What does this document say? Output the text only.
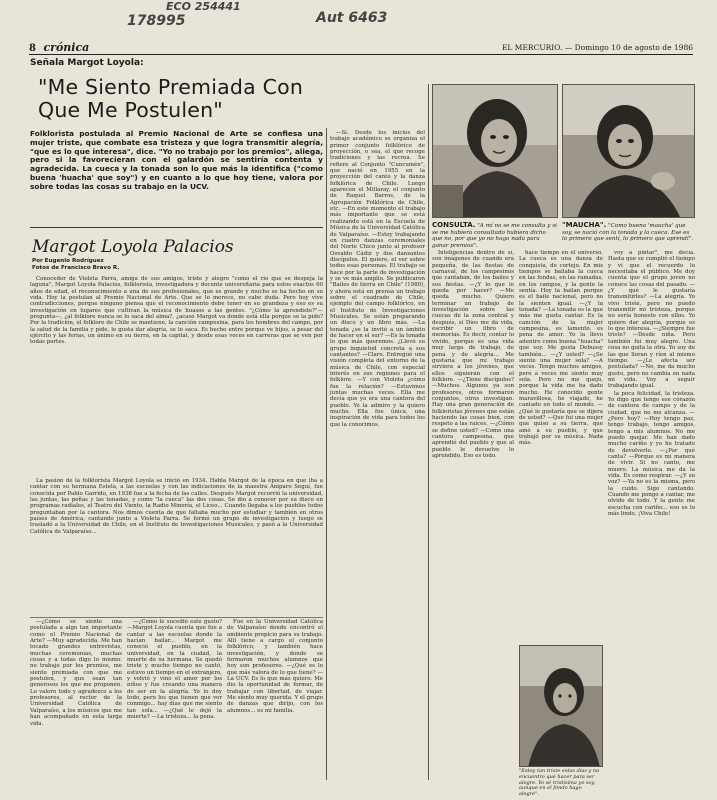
ECO 254441
178995	Aut 6463
8 crónica	EL MERCURIO. — Domingo 10 de agosto de 1986
Señala Margot Loyola:
"Me Siento Premiada Con Que Me Postulen"
Folklorista postulada al Premio Nacional de Arte se confiesa una mujer triste, que combate esa tristeza y que logra transmitir alegría, "que es lo que interesa", dice. "Yo no trabajo por los premios", aliega, pero si la favorecieran con el galardón se sentiría contenta y agradecida. La cueca y la tonada son lo que más la identifica ("como buena 'huacha' que soy") y en cuanto a lo que hoy tiene, valora por sobre todas las cosas su trabajo en la UCV.
Margot Loyola Palacios
Por Eugenio Rodríguez
Fotos de Francisco Bravo R.

Conocedor de Violeta Parra, amiga de sus amigos, triste y alegre "como el río que se despeja la laguna", Margot Loyola Palacios, folklorista, investigadora y docente universitaria para estos exactos 60 años de edad, el reconocimiento a una de sus profesionales, que es grande y mucho se ha hecho en su vida. Hoy la postulan al Premio Nacional de Arte. Que se lo merece, no cabe duda. Pero hoy vive contradicciones, porque ninguno piensa que el reconocimiento debe tener en su grandeza y eso es su investigación en lugares que cultivan la música de huasos a las gentes. "¿Cómo la aprendiste?"—pregunta—, ¿al folklore nunca se lo saca del alma?, ¿acaso Margot va donde está ella porque se la pide? Por la tradición, el folklore de Chile se mantiene, la canción campesina, para los hombres del campo, por la salud de la familia y pide, le gusta dar alegría, se lo saca. Es hecho entre porque ve hijos, a pesar del ejército y las ferias, un ánimo en su tierra, en la capital, y desde esas voces en carreras que se ven por todas partes.

La pasión de la folklorista Margot Loyola se inició en 1934. Habla Margot de la época en que iba a cantar con su hermana Estela, a las escuelas y con las indicaciones de la maestra Amparo Seguí, fue conocida por Pablo Garrido, en 1938 fue a la fecha de las calles. Después Margot recorrió la universidad, las juntas, las peñas y las tonadas, y como "la cueca" las dos cosas. Se dio a conocer por su disco en programas radiales, el Teatro del Viento, la Radio Minería, el Liceo... Cuando llegaba a los pueblos todos preguntaban por la cantora. Nos dimos cuenta de que faltaba mucho por estudiar y también en otros países de América, cantando junto a Violeta Parra. Se formó un grupo de investigación y luego se trasladó a la Universidad de Chile, en el Instituto de Investigaciones Musicales, y pasó a la Universidad Católica de Valparaíso...

—¿Cómo se siente una postulada a algo tan importante como el Premio Nacional de Arte? —Muy agradecida. Me han tocado grandes entrevistas, muchas ceremonias, muchas cosas y a todas digo lo mismo: no trabajo por los premios, me siento premiada con que me postulen, y que sean tan generosos los que me proponen. Lo valoro todo y agradezco a los profesores, al rector de la Universidad Católica de Valparaíso, a los músicos que me han acompañado en esta larga vida.

—¿Cómo le sucedió este gusto?—Margot Loyola cuenta que fue a cantar a las escuelas donde la hacían bailar... Margot me conoció el pueblo, en la universidad, en la ciudad, la muerte de su hermana. Se quedó triste y mucho tiempo no cantó, estuvo un tiempo en el extranjero, y volvió y vino el amor por los niños y fue creando una manera de ser en la alegría. Yo lo doy todo, pero los que tienen que ver conmigo... hay días que me siento tan sola... —¿Qué le dejó la muerte? —La tristeza... la pena.

Fue en la Universidad Católica de Valparaíso donde encontró el ambiente propicio para su trabajo. Allí tiene a cargo el conjunto folklórico, y también hace investigación, y donde se formaron muchos alumnos que hoy son profesores. —¿Qué es lo que más valora de lo que tiene? —La UCV. Es lo que más quiero. Me dio la oportunidad de formar, de trabajar con libertad, de viajar. Me siento muy querida. Y el grupo de danzas que dirijo, con los alumnos... es mi familia.

—Sí. Desde los inicios del trabajo académico se organiza el primer conjunto folklórico de proyección, o sea, el que recoge tradiciones y las recrea. Se refiere al Conjunto "Cuncumén", que nació en 1955 en la proyección del canto y la danza folklórica de Chile. Luego aparecen el Millaray, el conjunto de Raquel Barros, de la Agrupación Folklórica de Chile, etc. —En este momento el trabajo más importante que se está realizando está en la Escuela de Música de la Universidad Católica de Valparaíso. —Estoy trabajando en cuatro danzas ceremoniales del Norte Chico junto al profesor Osvaldo Cádiz y dos danzantes discípulos. El quiere, el ver sobre todos esas personas. El trabajo se hace por la parte de investigación y se ve más amplio. Se publicaron "Bailes de tierra en Chile" (1980), y ahora está en prensa un trabajo sobre el cuadrado de Chile, ejemplo del campo folklórico, en el Instituto de Investigaciones Musicales. Se están preparando un disco y un libro más. —La tonada ¿se la invitó a un ámbito de hacer en el sur? —Es la tonada lo que más queremos. ¿Llevó su grupo inquietud concreta a sus cantantes? —Claro. Entregué una visión completa del entorno de la música de Chile, con especial interés en sus regiones para el folklore. —Y con Violeta ¿cómo fue la relación? —Estuvimos juntas muchas veces. Ella me decía que yo era una cantora del pueblo. Yo la admiro y la quiero mucho. Ella fue única, una inspiración de vida para todos los que la conocimos.

CONSULTA. "A mí no se me consulta y si se me hubiera consultado hubiera dicho que no, por que yo no hago nada para ganar premios".
"MAUCHA". "Como buena 'maucha' que soy, se nació con la tonada y la cueca. Ese es lo primero que sentí, lo primero que aprendí".

Inteligencias dentro de sí, son imágenes de cuando era pequeña, de las fiestas de carnaval, de los campesinos que cantaban, de los bailes y sus fiestas. —¿Y lo que le queda por hacer? —Me queda mucho. Quiero terminar un trabajo de investigación sobre las cuecas de la zona central y después, si Dios me da vida, escribir un libro de memorias. Es decir, contar lo vivido, porque es una vida muy larga de trabajo, de pena y de alegría... Me gustaría que mi trabajo sirviera a los jóvenes, que ellos siguieran con el folklore. —¿Tiene discípulos? —Muchos. Algunos ya son profesores, otros formaron conjuntos, otros investigan. Hay una gran generación de folkloristas jóvenes que están haciendo las cosas bien, con respeto a las raíces. —¿Cómo se define usted? —Como una cantora campesina, que aprendió del pueblo y que al pueblo le devuelve lo aprendido. Eso es todo.

hace tiempo en el universo. La cueca es una danza de conquista, de cortejo. En mis tiempos se bailaba la cueca en las fondas, en las ramadas, en los campos, y la gente la sentía. Hoy la bailan porque es el baile nacional, pero no la sienten igual. —¿Y la tonada? —La tonada es la que más me gusta cantar. Es la canción de la mujer campesina, es lamento, es pena de amor. Yo la llevo adentro como buena "huacha" que soy. Me gusta Debussy también... —¿Y usted? —¿Se siente una mujer sola? —A veces. Tengo muchos amigos, pero a veces me siento muy sola. Pero no me quejo, porque la vida me ha dado mucho. He conocido gente maravillosa, he viajado, he cantado en todo el mundo. —¿Qué le gustaría que se dijera de usted? —Que fui una mujer que quiso a su tierra, que amó a su pueblo, y que trabajó por su música. Nada más.

voy a pintar", me decía. Hasta que se cumplió el tiempo y vi que el recuerdo lo necesitaba el público. Me doy cuenta que el grupo joven no conoce las cosas del pasado. —¿Y qué le gustaría transmitirles? —La alegría. Yo vivo triste, pero no puedo transmitir mi tristeza, porque no sería honesto con ellos. Yo quiero dar alegría, porque es lo que interesa. —¿Siempre fue triste? —Desde niña. Pero también fui muy alegre. Una cosa no quita la otra. Yo soy de las que lloran y ríen al mismo tiempo. —¿Le afecta ser postulada? —No, me da mucho gusto, pero no cambia en nada mi vida. Voy a seguir trabajando igual.

la poca felicidad, la tristeza. Yo digo que tengo ese corazón de cantora de campo y de la ciudad, que no me alcanza. —¿Pero hoy? —Hoy tengo paz, tengo trabajo, tengo amigos, tengo a mis alumnos. No me puedo quejar. Me han dado mucho cariño y yo he tratado de devolverlo. —¿Por qué canta? —Porque es mi manera de vivir. Si no canto, me muero. La música me da la vida. Es como respirar. —¿Y su voz? —Ya no es la misma, pero la cuido. Sigo cantando. Cuando me pongo a cantar, me olvido de todo. Y la gente me escucha con cariño... eso es lo más lindo. ¡Viva Chile!

"Estoy tan triste estos días y no encuentro qué hacer para ser alegre. Yo sé tristísima yo soy, aunque en el fondo hago alegre".
